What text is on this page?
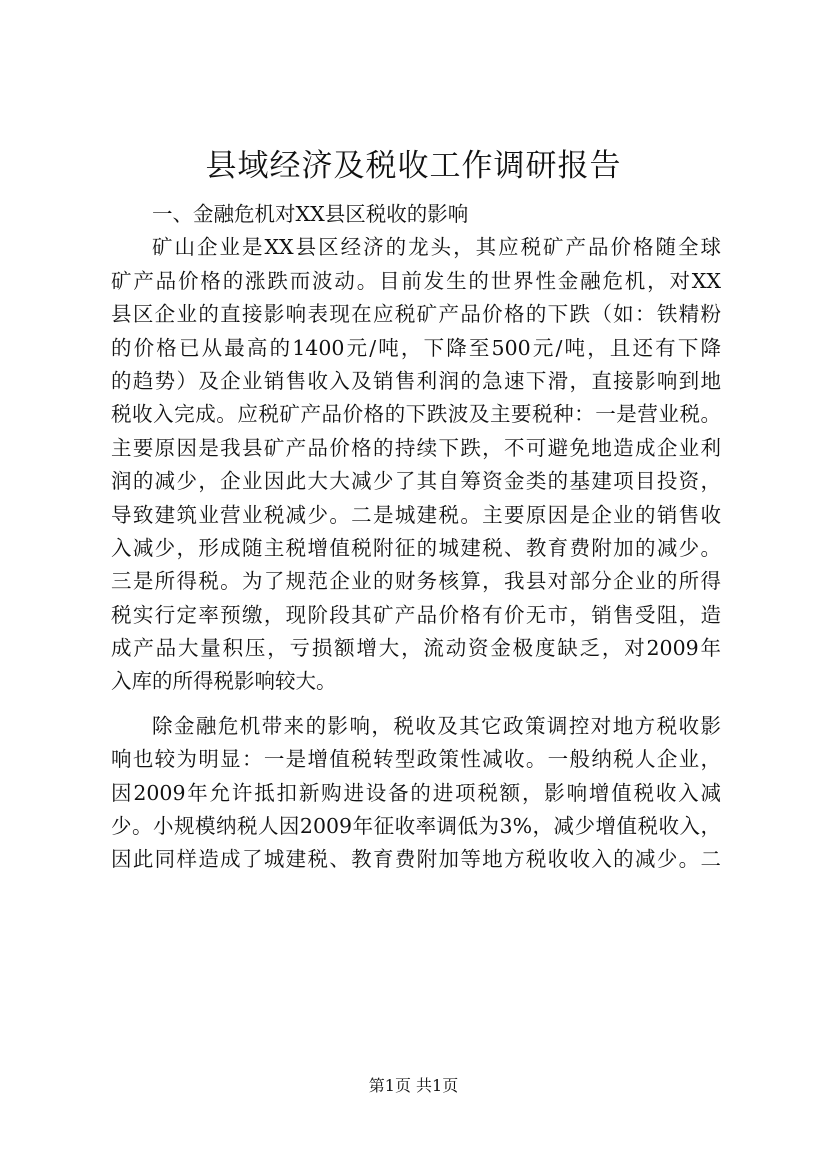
县域经济及税收工作调研报告
一、金融危机对XX县区税收的影响
矿山企业是XX县区经济的龙头，其应税矿产品价格随全球
矿产品价格的涨跌而波动。目前发生的世界性金融危机，对XX
县区企业的直接影响表现在应税矿产品价格的下跌（如：铁精粉
的价格已从最高的1400元/吨，下降至500元/吨，且还有下降
的趋势）及企业销售收入及销售利润的急速下滑，直接影响到地
税收入完成。应税矿产品价格的下跌波及主要税种：一是营业税。
主要原因是我县矿产品价格的持续下跌，不可避免地造成企业利
润的减少，企业因此大大减少了其自筹资金类的基建项目投资，
导致建筑业营业税减少。二是城建税。主要原因是企业的销售收
入减少，形成随主税增值税附征的城建税、教育费附加的减少。
三是所得税。为了规范企业的财务核算，我县对部分企业的所得
税实行定率预缴，现阶段其矿产品价格有价无市，销售受阻，造
成产品大量积压，亏损额增大，流动资金极度缺乏，对2009年
入库的所得税影响较大。
除金融危机带来的影响，税收及其它政策调控对地方税收影
响也较为明显：一是增值税转型政策性减收。一般纳税人企业，
因2009年允许抵扣新购进设备的进项税额，影响增值税收入减
少。小规模纳税人因2009年征收率调低为3%，减少增值税收入，
因此同样造成了城建税、教育费附加等地方税收收入的减少。二
第1页 共1页
